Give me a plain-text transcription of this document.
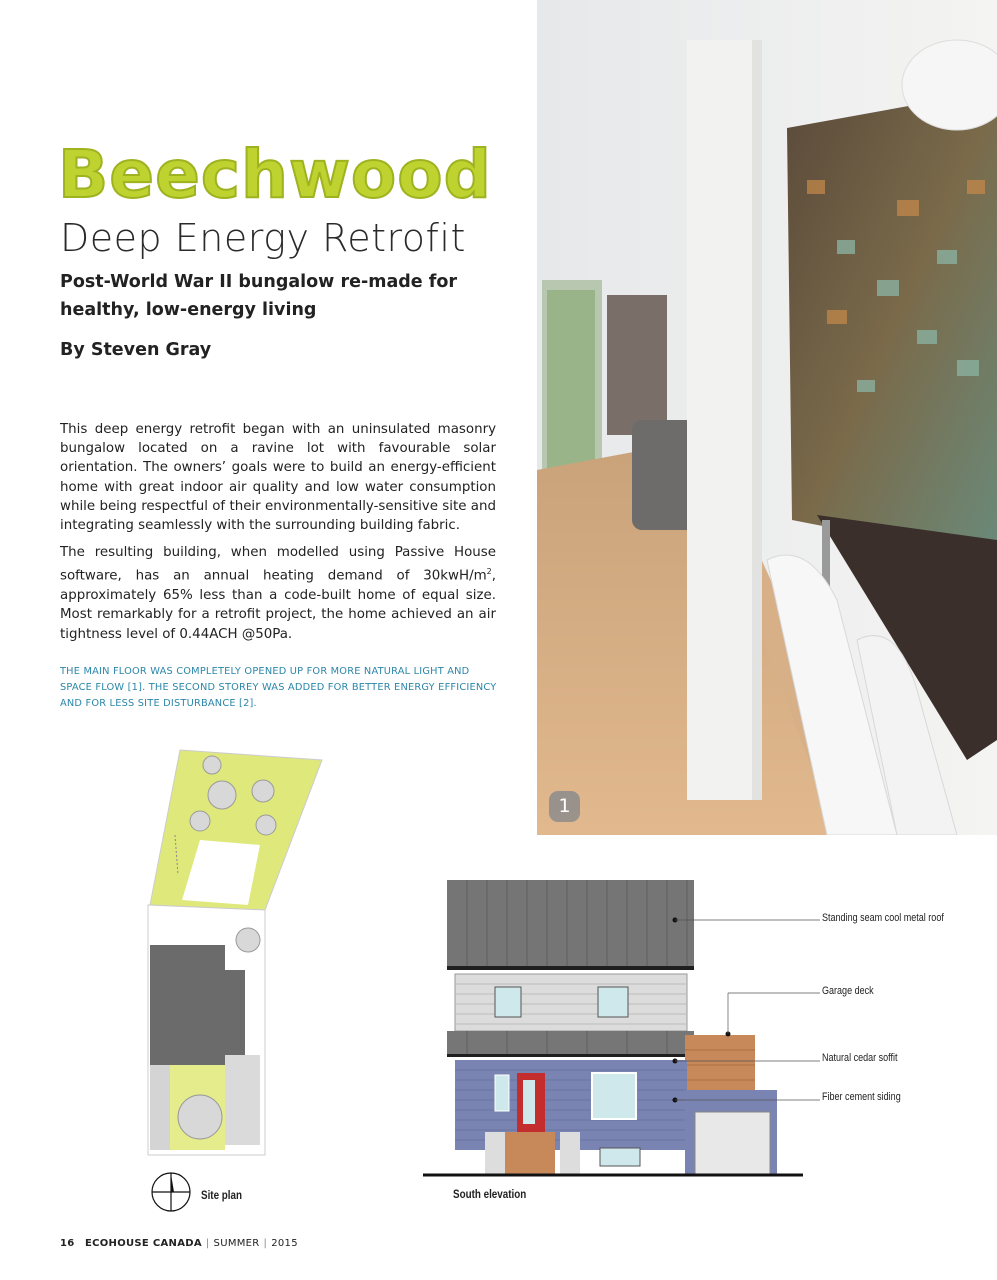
Beechwood
Deep Energy Retrofit
Post-World War II bungalow re-made for healthy, low-energy living
By Steven Gray

This deep energy retrofit began with an uninsulated masonry bungalow located on a ravine lot with favourable solar orientation. The owners’ goals were to build an energy-efficient home with great indoor air quality and low water consumption while being respectful of their environmentally-sensitive site and integrating seamlessly with the surrounding building fabric.

The resulting building, when modelled using Passive House software, has an annual heating demand of $30kwH/m^2$, approximately 65% less than a code-built home of equal size. Most remarkably for a retrofit project, the home achieved an air tightness level of 0.44ACH @50Pa.

THE MAIN FLOOR WAS COMPLETELY OPENED UP FOR MORE NATURAL LIGHT AND SPACE FLOW [1]. THE SECOND STOREY WAS ADDED FOR BETTER ENERGY EFFICIENCY AND FOR LESS SITE DISTURBANCE [2].
1
Site plan
Standing seam cool metal roof
Garage deck
Natural cedar soffit
Fiber cement siding
South elevation
16 ECOHOUSE CANADA | SUMMER | 2015
